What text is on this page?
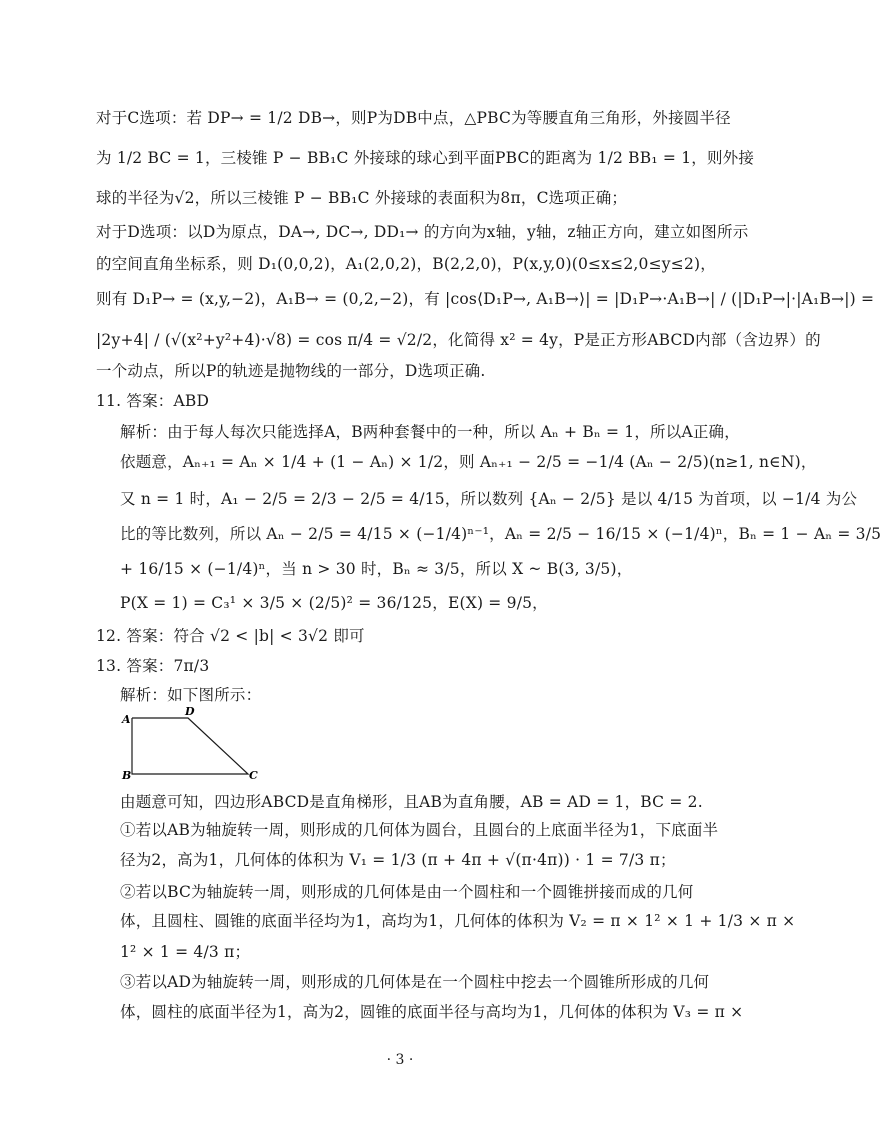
对于C选项：若 DP→ = 1/2 DB→，则P为DB中点，△PBC为等腰直角三角形，外接圆半径
为 1/2 BC = 1，三棱锥 P − BB₁C 外接球的球心到平面PBC的距离为 1/2 BB₁ = 1，则外接
球的半径为√2，所以三棱锥 P − BB₁C 外接球的表面积为8π，C选项正确；
对于D选项：以D为原点，DA→, DC→, DD₁→ 的方向为x轴，y轴，z轴正方向，建立如图所示
的空间直角坐标系，则 D₁(0,0,2)，A₁(2,0,2)，B(2,2,0)，P(x,y,0)(0≤x≤2,0≤y≤2)，
则有 D₁P→ = (x,y,−2)，A₁B→ = (0,2,−2)，有 |cos⟨D₁P→, A₁B→⟩| = |D₁P→·A₁B→| / (|D₁P→|·|A₁B→|) =
|2y+4| / (√(x²+y²+4)·√8) = cos π/4 = √2/2，化简得 x² = 4y，P是正方形ABCD内部（含边界）的
一个动点，所以P的轨迹是抛物线的一部分，D选项正确.
11. 答案：ABD
解析：由于每人每次只能选择A，B两种套餐中的一种，所以 Aₙ + Bₙ = 1，所以A正确，
依题意，Aₙ₊₁ = Aₙ × 1/4 + (1 − Aₙ) × 1/2，则 Aₙ₊₁ − 2/5 = −1/4 (Aₙ − 2/5)(n≥1, n∈N)，
又 n = 1 时，A₁ − 2/5 = 2/3 − 2/5 = 4/15，所以数列 {Aₙ − 2/5} 是以 4/15 为首项，以 −1/4 为公
比的等比数列，所以 Aₙ − 2/5 = 4/15 × (−1/4)ⁿ⁻¹，Aₙ = 2/5 − 16/15 × (−1/4)ⁿ，Bₙ = 1 − Aₙ = 3/5
+ 16/15 × (−1/4)ⁿ，当 n > 30 时，Bₙ ≈ 3/5，所以 X ~ B(3, 3/5)，
P(X = 1) = C₃¹ × 3/5 × (2/5)² = 36/125，E(X) = 9/5，
12. 答案：符合 √2 < |b| < 3√2 即可
13. 答案：7π/3
解析：如下图所示：
A
D
B	C
由题意可知，四边形ABCD是直角梯形，且AB为直角腰，AB = AD = 1，BC = 2.
①若以AB为轴旋转一周，则形成的几何体为圆台，且圆台的上底面半径为1，下底面半
径为2，高为1，几何体的体积为 V₁ = 1/3 (π + 4π + √(π·4π)) · 1 = 7/3 π；
②若以BC为轴旋转一周，则形成的几何体是由一个圆柱和一个圆锥拼接而成的几何
体，且圆柱、圆锥的底面半径均为1，高均为1，几何体的体积为 V₂ = π × 1² × 1 + 1/3 × π ×
1² × 1 = 4/3 π；
③若以AD为轴旋转一周，则形成的几何体是在一个圆柱中挖去一个圆锥所形成的几何
体，圆柱的底面半径为1，高为2，圆锥的底面半径与高均为1，几何体的体积为 V₃ = π ×
· 3 ·
